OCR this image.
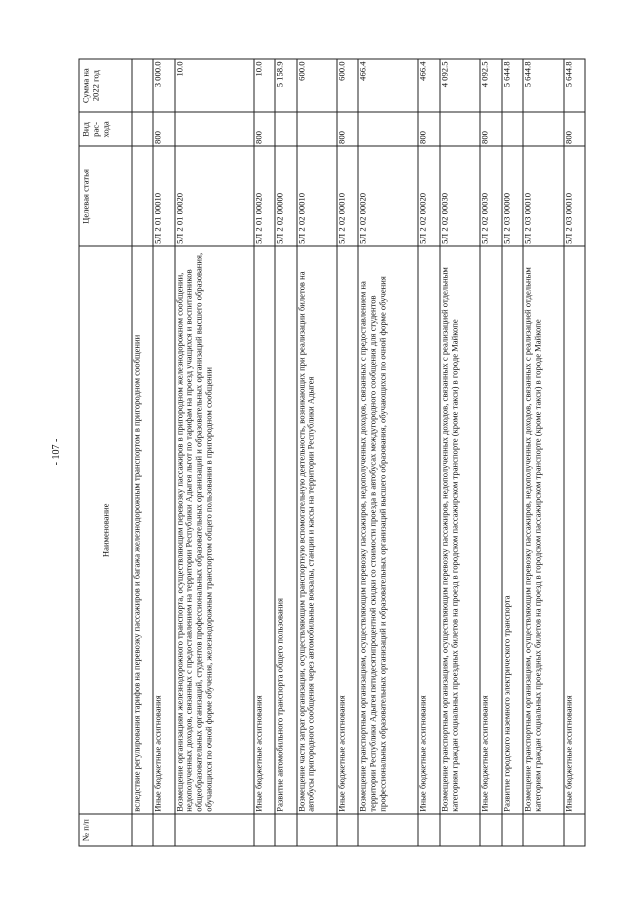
- 107 -
№ п/п	Наименование	Целевая статья	Вид рас-хода	Сумма на 2022 год
	вследствие регулирования тарифов на перевозку пассажиров и багажа железнодорожным транспортом в пригородном сообщении			
	Иные бюджетные ассигнования	5Л 2 01 00010	800	3 000.0
	Возмещение организациям железнодорожного транспорта, осуществляющим перевозку пассажиров в пригородном железнодорожном сообщении, недополученных доходов, связанных с предоставлением на территории Республики Адыгея льгот по тарифам на проезд учащихся и воспитанников общеобразовательных организаций, студентов профессиональных образовательных организаций и образовательных организаций высшего образования, обучающихся по очной форме обучения, железнодорожным транспортом общего пользования в пригородном сообщении	5Л 2 01 00020		10.0
	Иные бюджетные ассигнования	5Л 2 01 00020	800	10.0
	Развитие автомобильного транспорта общего пользования	5Л 2 02 00000		5 158.9
	Возмещение части затрат организации, осуществляющим транспортную вспомогательную деятельность, возникающих при реализации билетов на автобусы пригородного сообщения через автомобильные вокзалы, станции и кассы на территории Республики Адыгея	5Л 2 02 00010		600.0
	Иные бюджетные ассигнования	5Л 2 02 00010	800	600.0
	Возмещение транспортным организациям, осуществляющим перевозку пассажиров, недополученных доходов, связанных с предоставлением на территории Республики Адыгея пятидесятипроцентной скидки со стоимости проезда в автобусах междугородного сообщения для студентов профессиональных образовательных организаций и образовательных организаций высшего образования, обучающихся по очной форме обучения	5Л 2 02 00020		466.4
	Иные бюджетные ассигнования	5Л 2 02 00020	800	466.4
	Возмещение транспортным организациям, осуществляющим перевозку пассажиров, недополученных доходов, связанных с реализацией отдельным категориям граждан социальных проездных билетов на проезд в городском пассажирском транспорте (кроме такси) в городе Майкопе	5Л 2 02 00030		4 092.5
	Иные бюджетные ассигнования	5Л 2 02 00030	800	4 092.5
	Развитие городского наземного электрического транспорта	5Л 2 03 00000		5 644.8
	Возмещение транспортным организациям, осуществляющим перевозку пассажиров, недополученных доходов, связанных с реализацией отдельным категориям граждан социальных проездных билетов на проезд в городском пассажирском транспорте (кроме такси) в городе Майкопе	5Л 2 03 00010		5 644.8
	Иные бюджетные ассигнования	5Л 2 03 00010	800	5 644.8
